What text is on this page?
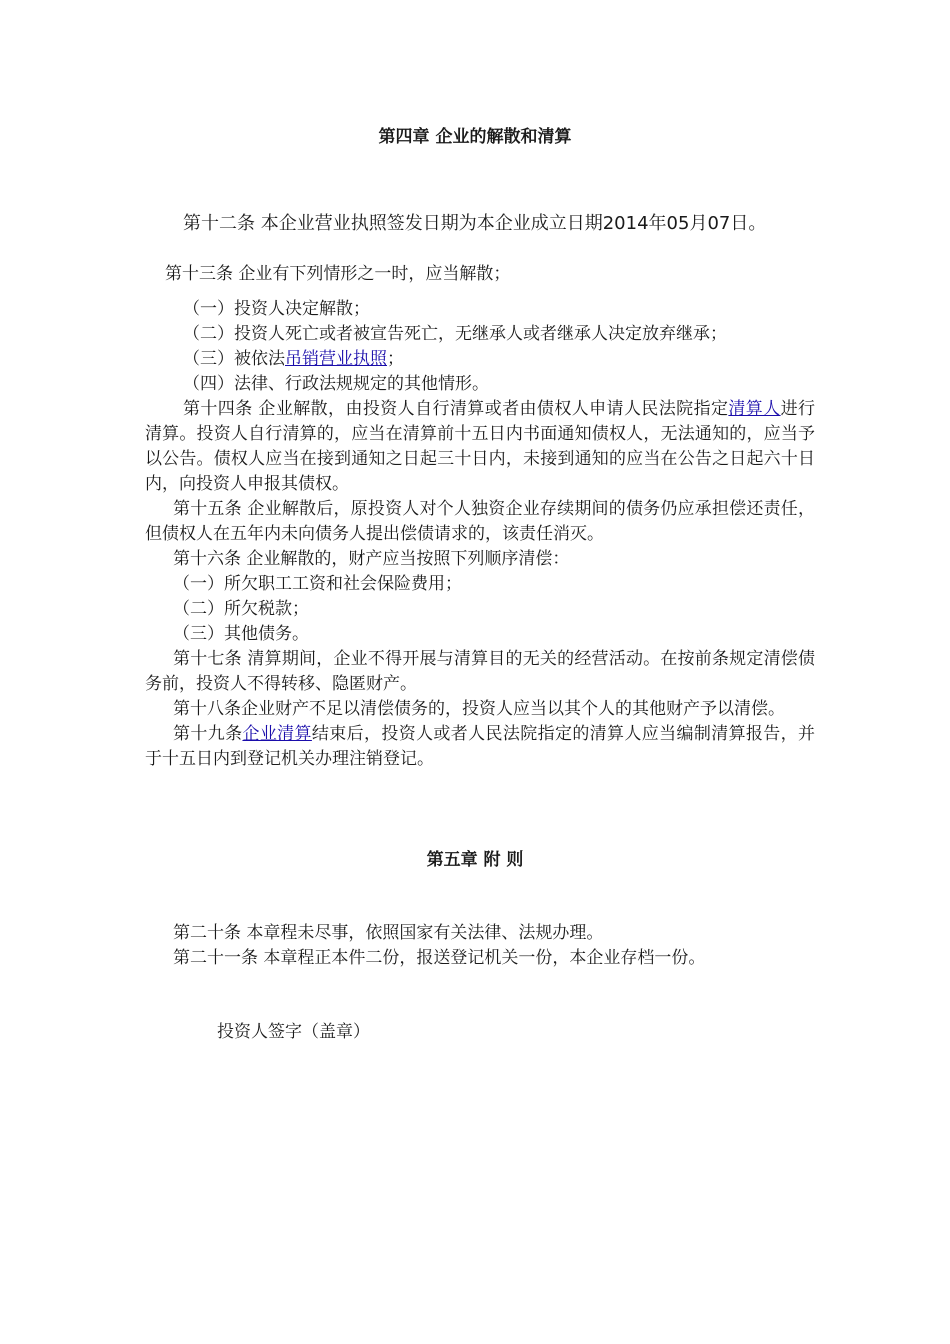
第四章 企业的解散和清算

第十二条 本企业营业执照签发日期为本企业成立日期2014年05月07日。

第十三条 企业有下列情形之一时，应当解散；

（一）投资人决定解散；

（二）投资人死亡或者被宣告死亡，无继承人或者继承人决定放弃继承；

（三）被依法吊销营业执照；

（四）法律、行政法规规定的其他情形。

第十四条 企业解散，由投资人自行清算或者由债权人申请人民法院指定清算人进行清算。投资人自行清算的，应当在清算前十五日内书面通知债权人，无法通知的，应当予以公告。债权人应当在接到通知之日起三十日内，未接到通知的应当在公告之日起六十日内，向投资人申报其债权。

第十五条 企业解散后，原投资人对个人独资企业存续期间的债务仍应承担偿还责任，但债权人在五年内未向债务人提出偿债请求的，该责任消灭。

第十六条 企业解散的，财产应当按照下列顺序清偿：

（一）所欠职工工资和社会保险费用；

（二）所欠税款；

（三）其他债务。

第十七条 清算期间，企业不得开展与清算目的无关的经营活动。在按前条规定清偿债务前，投资人不得转移、隐匿财产。

第十八条企业财产不足以清偿债务的，投资人应当以其个人的其他财产予以清偿。

第十九条企业清算结束后，投资人或者人民法院指定的清算人应当编制清算报告，并于十五日内到登记机关办理注销登记。

第五章 附 则

第二十条 本章程未尽事，依照国家有关法律、法规办理。

第二十一条 本章程正本件二份，报送登记机关一份，本企业存档一份。

投资人签字（盖章）
